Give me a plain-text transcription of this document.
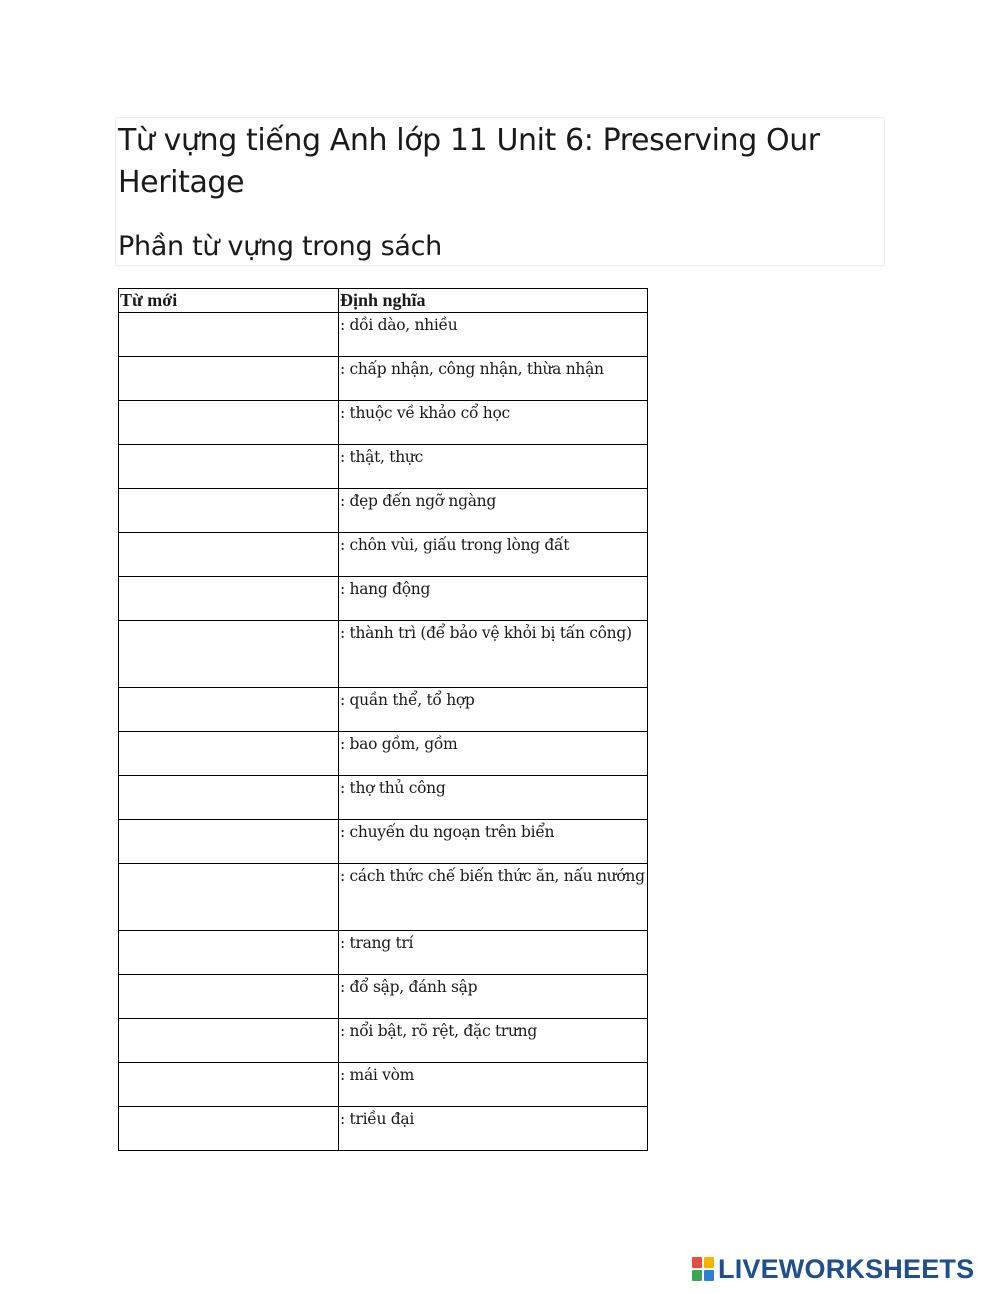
Từ vựng tiếng Anh lớp 11 Unit 6: Preserving Our Heritage
Phần từ vựng trong sách
Từ mới	Định nghĩa
	: dồi dào, nhiều
	: chấp nhận, công nhận, thừa nhận
	: thuộc về khảo cổ học
	: thật, thực
	: đẹp đến ngỡ ngàng
	: chôn vùi, giấu trong lòng đất
	: hang động
	: thành trì (để bảo vệ khỏi bị tấn công)
	: quần thể, tổ hợp
	: bao gồm, gồm
	: thợ thủ công
	: chuyến du ngoạn trên biển
	: cách thức chế biến thức ăn, nấu nướng
	: trang trí
	: đổ sập, đánh sập
	: nổi bật, rõ rệt, đặc trưng
	: mái vòm
	: triều đại
LIVEWORKSHEETS
